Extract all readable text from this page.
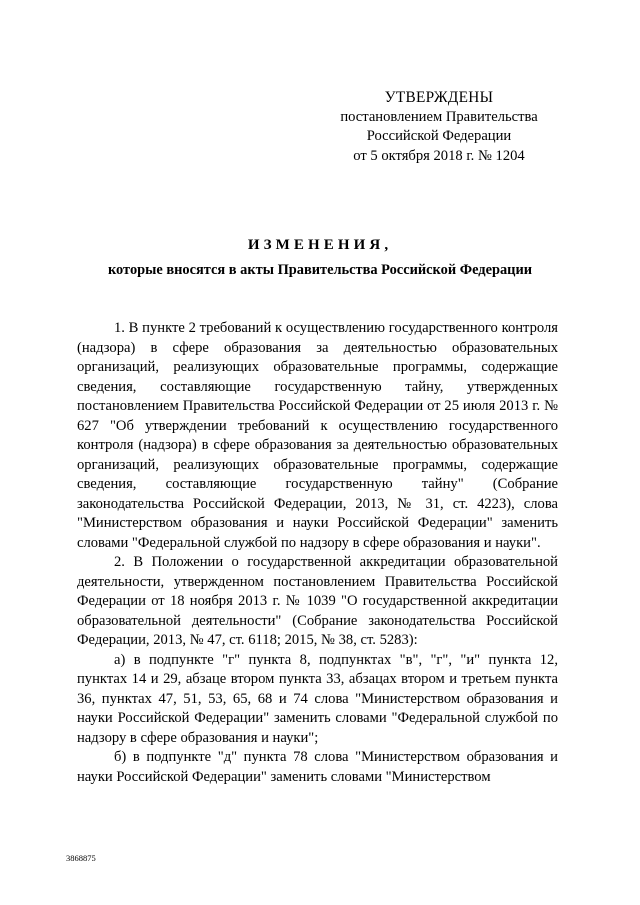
УТВЕРЖДЕНЫ
постановлением Правительства
Российской Федерации
от 5 октября 2018 г. № 1204
ИЗМЕНЕНИЯ,
которые вносятся в акты Правительства Российской Федерации

1. В пункте 2 требований к осуществлению государственного контроля (надзора) в сфере образования за деятельностью образовательных организаций, реализующих образовательные программы, содержащие сведения, составляющие государственную тайну, утвержденных постановлением Правительства Российской Федерации от 25 июля 2013 г. № 627 "Об утверждении требований к осуществлению государственного контроля (надзора) в сфере образования за деятельностью образовательных организаций, реализующих образовательные программы, содержащие сведения, составляющие государственную тайну" (Собрание законодательства Российской Федерации, 2013, № 31, ст. 4223), слова "Министерством образования и науки Российской Федерации" заменить словами "Федеральной службой по надзору в сфере образования и науки".

2. В Положении о государственной аккредитации образовательной деятельности, утвержденном постановлением Правительства Российской Федерации от 18 ноября 2013 г. № 1039 "О государственной аккредитации образовательной деятельности" (Собрание законодательства Российской Федерации, 2013, № 47, ст. 6118; 2015, № 38, ст. 5283):

а) в подпункте "г" пункта 8, подпунктах "в", "г", "и" пункта 12, пунктах 14 и 29, абзаце втором пункта 33, абзацах втором и третьем пункта 36, пунктах 47, 51, 53, 65, 68 и 74 слова "Министерством образования и науки Российской Федерации" заменить словами "Федеральной службой по надзору в сфере образования и науки";

б) в подпункте "д" пункта 78 слова "Министерством образования и науки Российской Федерации" заменить словами "Министерством

3868875
